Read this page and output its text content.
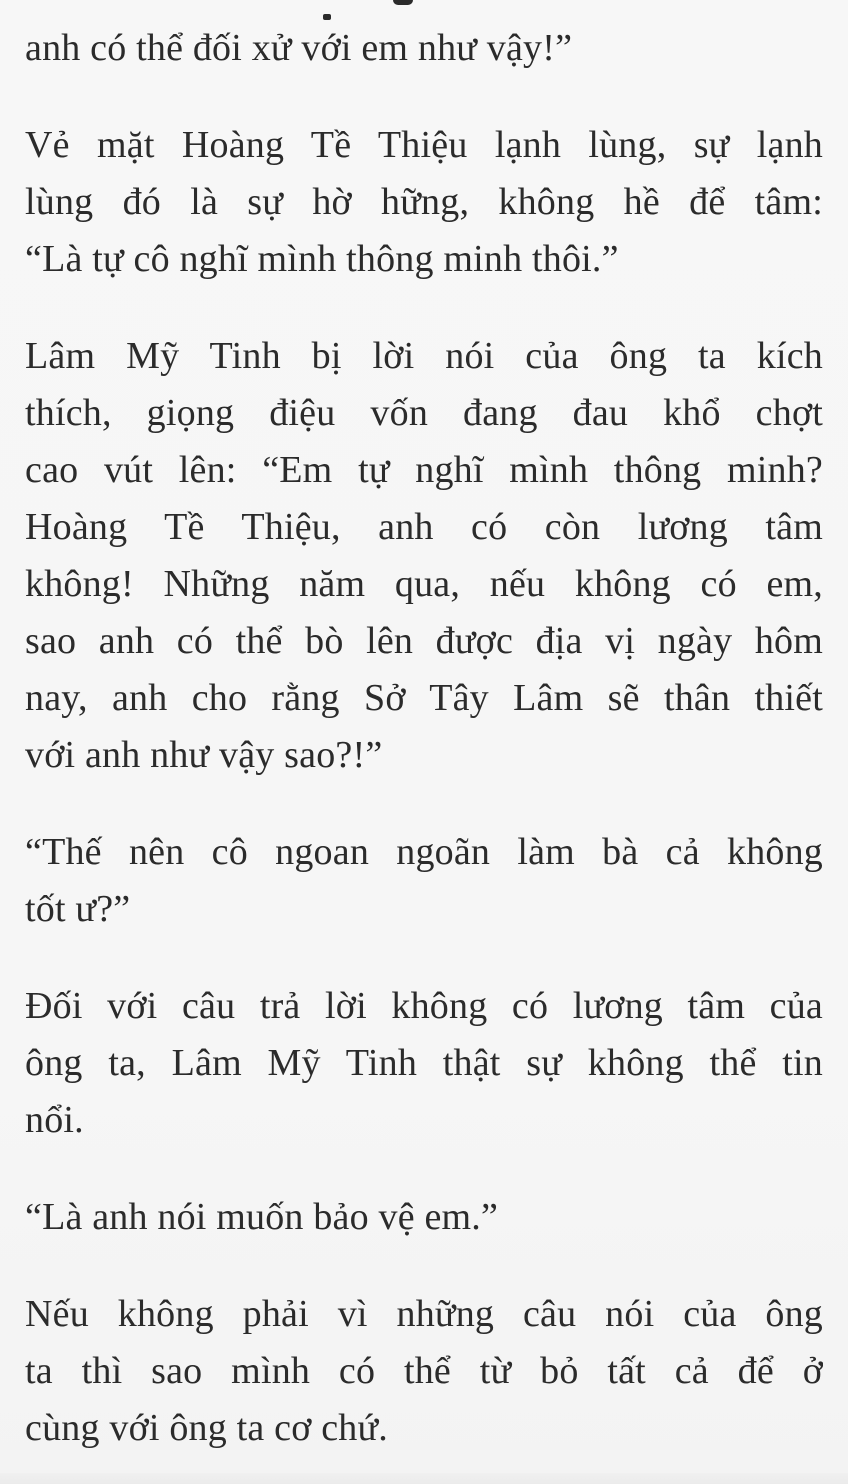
anh có thể đối xử với em như vậy!”
Vẻ mặt Hoàng Tề Thiệu lạnh lùng, sự lạnh
lùng đó là sự hờ hững, không hề để tâm:
“Là tự cô nghĩ mình thông minh thôi.”
Lâm Mỹ Tinh bị lời nói của ông ta kích
thích, giọng điệu vốn đang đau khổ chợt
cao vút lên: “Em tự nghĩ mình thông minh?
Hoàng Tề Thiệu, anh có còn lương tâm
không! Những năm qua, nếu không có em,
sao anh có thể bò lên được địa vị ngày hôm
nay, anh cho rằng Sở Tây Lâm sẽ thân thiết
với anh như vậy sao?!”
“Thế nên cô ngoan ngoãn làm bà cả không
tốt ư?”
Đối với câu trả lời không có lương tâm của
ông ta, Lâm Mỹ Tinh thật sự không thể tin
nổi.
“Là anh nói muốn bảo vệ em.”
Nếu không phải vì những câu nói của ông
ta thì sao mình có thể từ bỏ tất cả để ở
cùng với ông ta cơ chứ.
